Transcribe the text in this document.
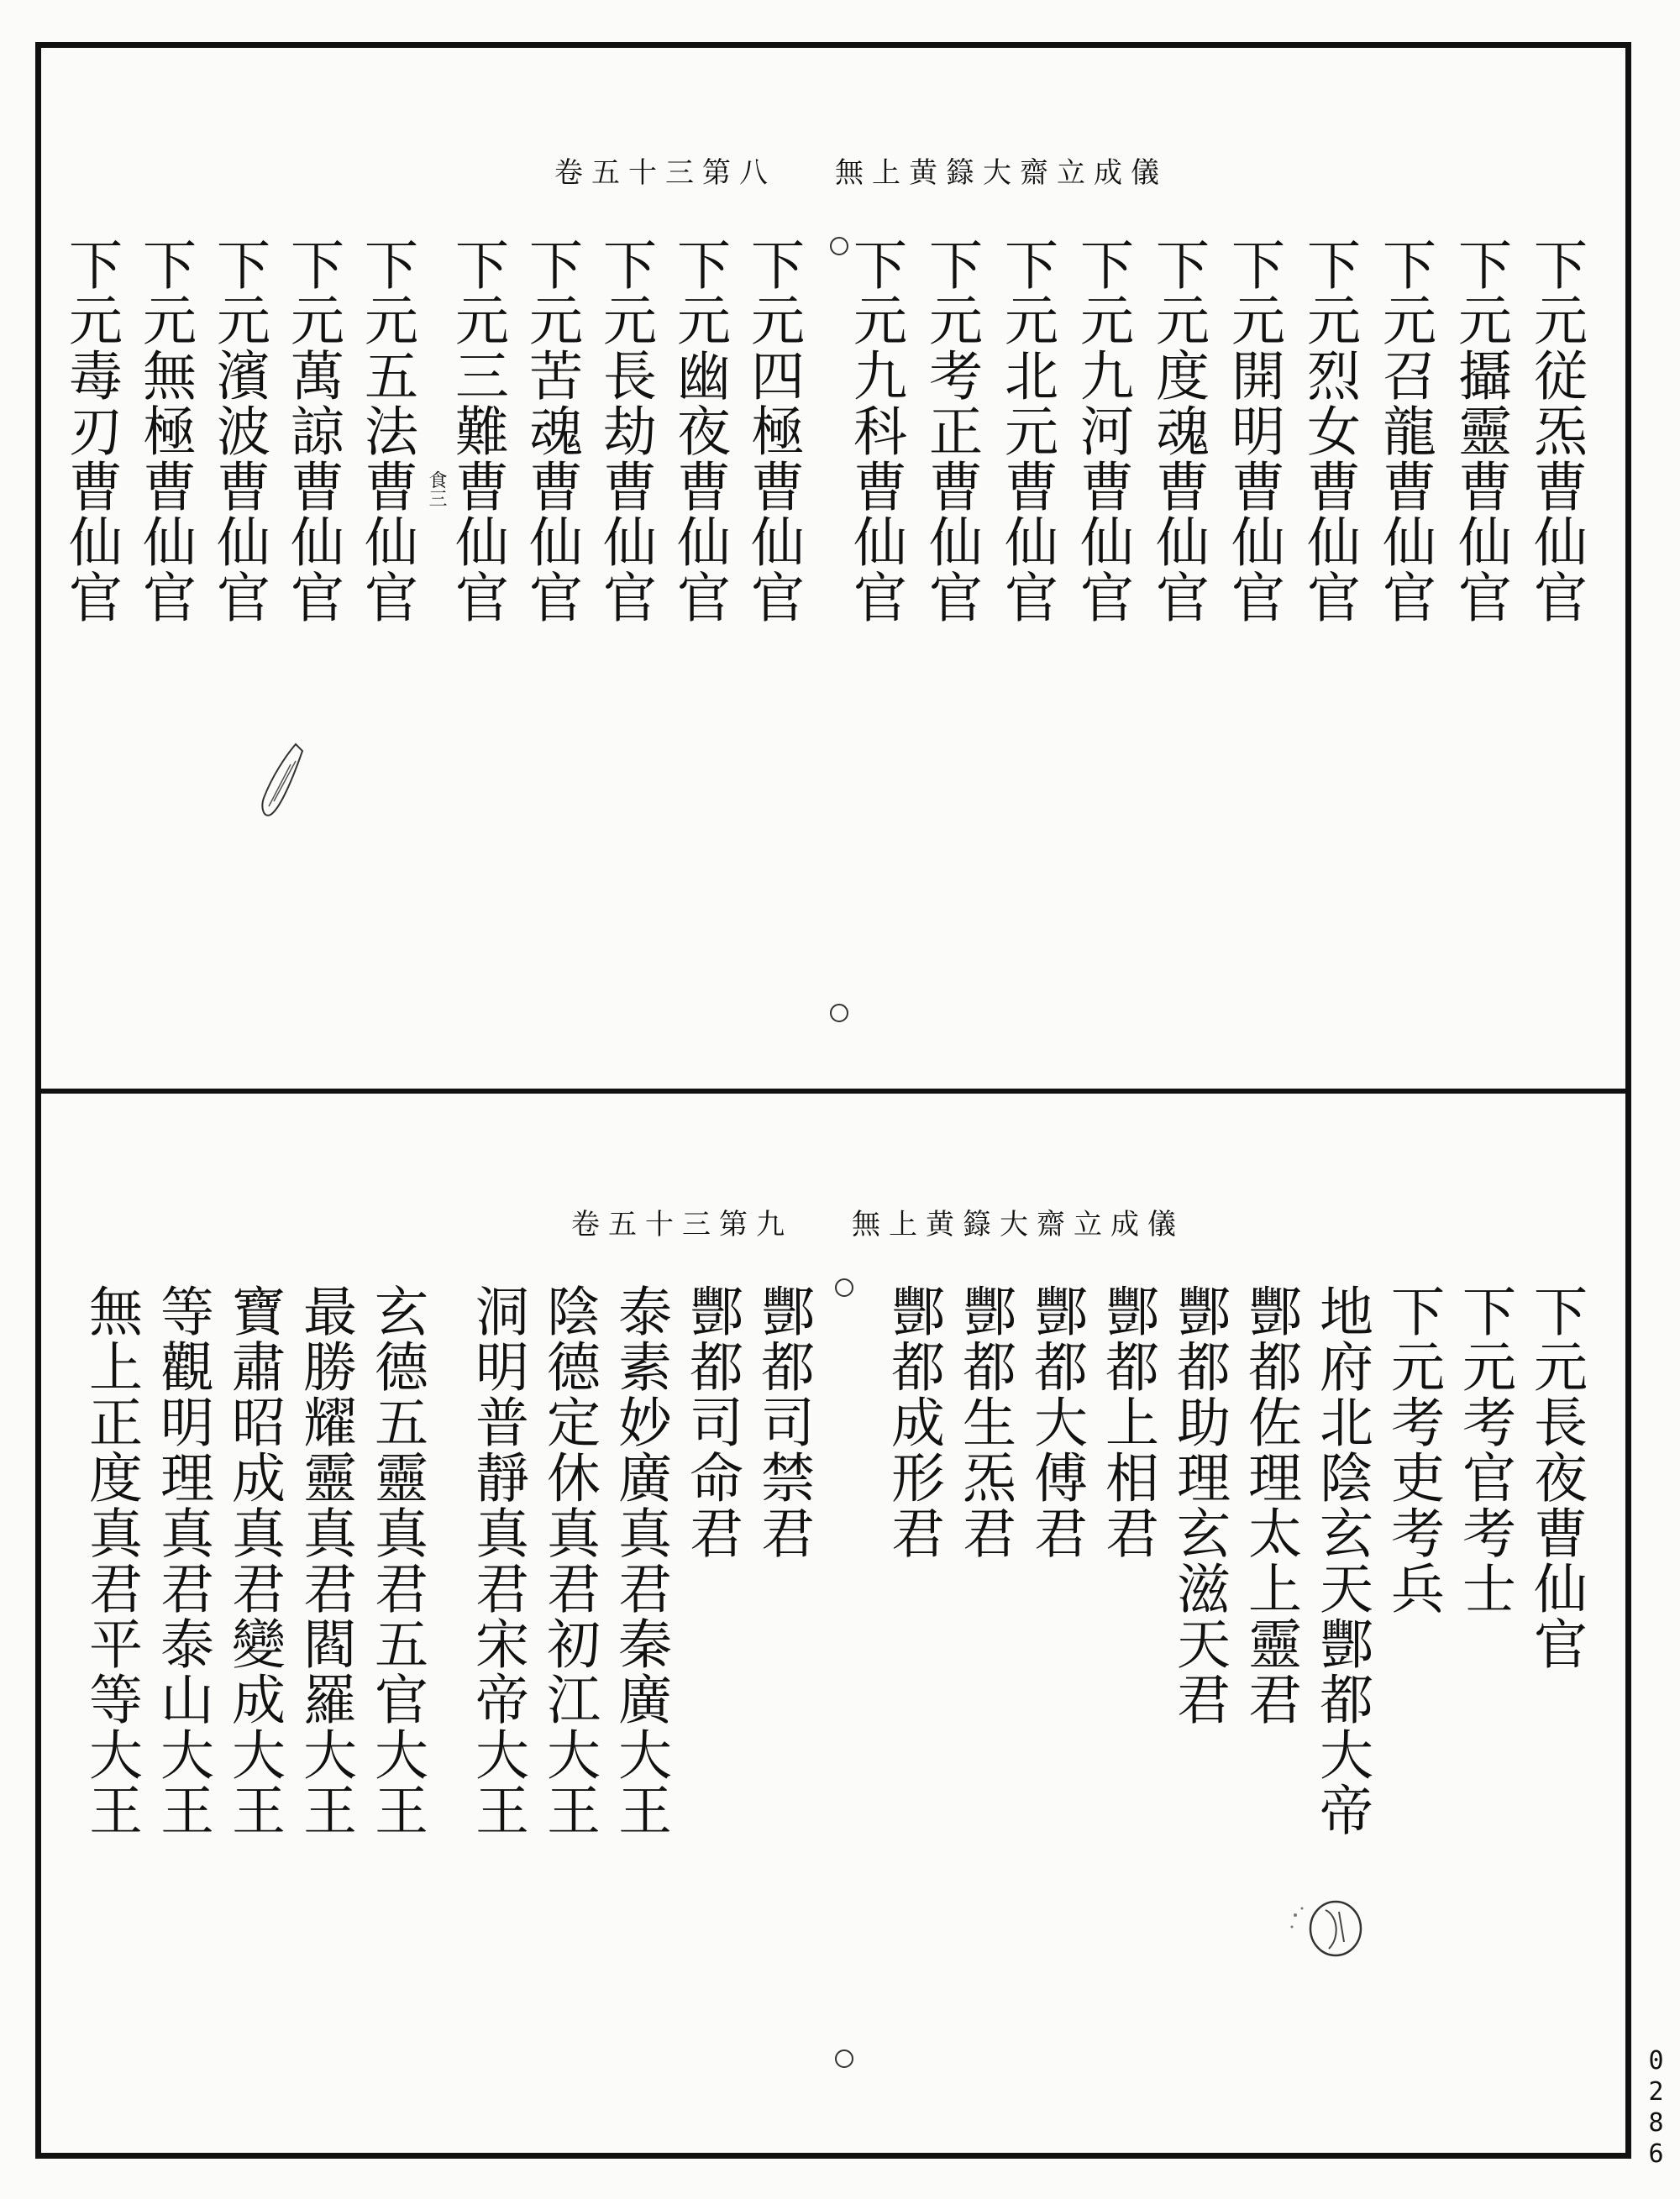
卷五十三第八 無上黄籙大齋立成儀
下元従炁曹仙官
下元攝靈曹仙官
下元召龍曹仙官
下元烈女曹仙官
下元開明曹仙官
下元度魂曹仙官
下元九河曹仙官
下元北元曹仙官
下元考正曹仙官
下元九科曹仙官
下元四極曹仙官
下元幽夜曹仙官
下元長劫曹仙官
下元苦魂曹仙官
下元三難曹仙官
食三
下元五法曹仙官
下元萬諒曹仙官
下元濱波曹仙官
下元無極曹仙官
下元毒刃曹仙官
卷五十三第九 無上黄籙大齋立成儀
下元長夜曹仙官
下元考官考士
下元考吏考兵
地府北陰玄天酆都大帝
酆都佐理太上靈君
酆都助理玄滋天君
酆都上相君
酆都大傅君
酆都生炁君
酆都成形君
酆都司禁君
酆都司命君
泰素妙廣真君秦廣大王
陰德定休真君初江大王
洞明普靜真君宋帝大王
玄德五靈真君五官大王
最勝耀靈真君閻羅大王
寶肅昭成真君變成大王
等觀明理真君泰山大王
無上正度真君平等大王
0286
